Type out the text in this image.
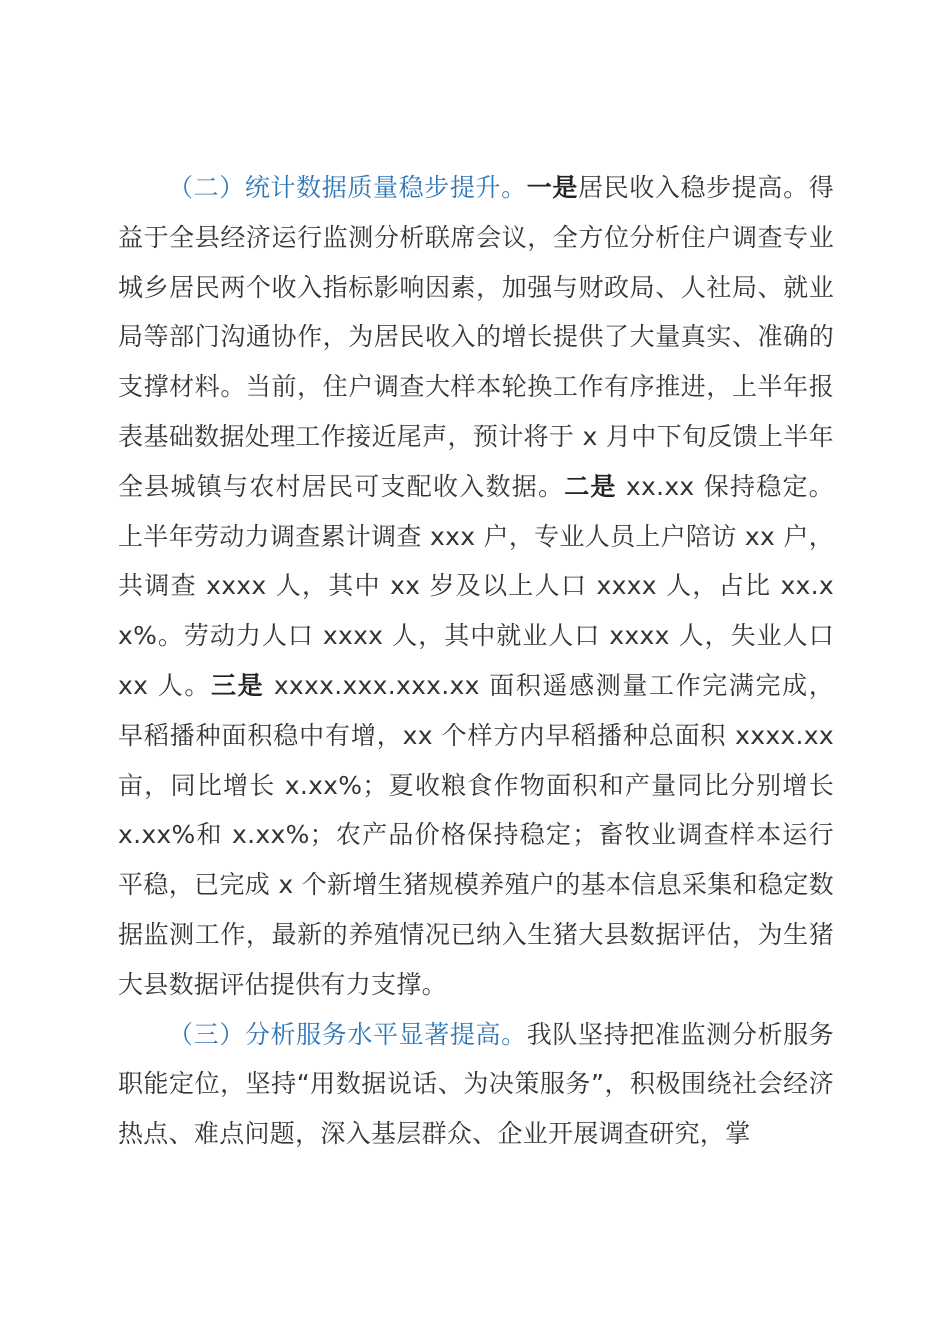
（二）统计数据质量稳步提升。一是居民收入稳步提高。得益于全县经济运行监测分析联席会议，全方位分析住户调查专业城乡居民两个收入指标影响因素，加强与财政局、人社局、就业局等部门沟通协作，为居民收入的增长提供了大量真实、准确的支撑材料。当前，住户调查大样本轮换工作有序推进，上半年报表基础数据处理工作接近尾声，预计将于 x 月中下旬反馈上半年全县城镇与农村居民可支配收入数据。二是 xx.xx 保持稳定。上半年劳动力调查累计调查 xxx 户，专业人员上户陪访 xx 户，共调查 xxxx 人，其中 xx 岁及以上人口 xxxx 人，占比 xx.xx%。劳动力人口 xxxx 人，其中就业人口 xxxx 人，失业人口 xx 人。三是 xxxx.xxx.xxx.xx 面积遥感测量工作完满完成，早稻播种面积稳中有增，xx 个样方内早稻播种总面积 xxxx.xx 亩，同比增长 x.xx%；夏收粮食作物面积和产量同比分别增长 x.xx%和 x.xx%；农产品价格保持稳定；畜牧业调查样本运行平稳，已完成 x 个新增生猪规模养殖户的基本信息采集和稳定数据监测工作，最新的养殖情况已纳入生猪大县数据评估，为生猪大县数据评估提供有力支撑。

（三）分析服务水平显著提高。我队坚持把准监测分析服务职能定位，坚持“用数据说话、为决策服务”，积极围绕社会经济热点、难点问题，深入基层群众、企业开展调查研究，掌
